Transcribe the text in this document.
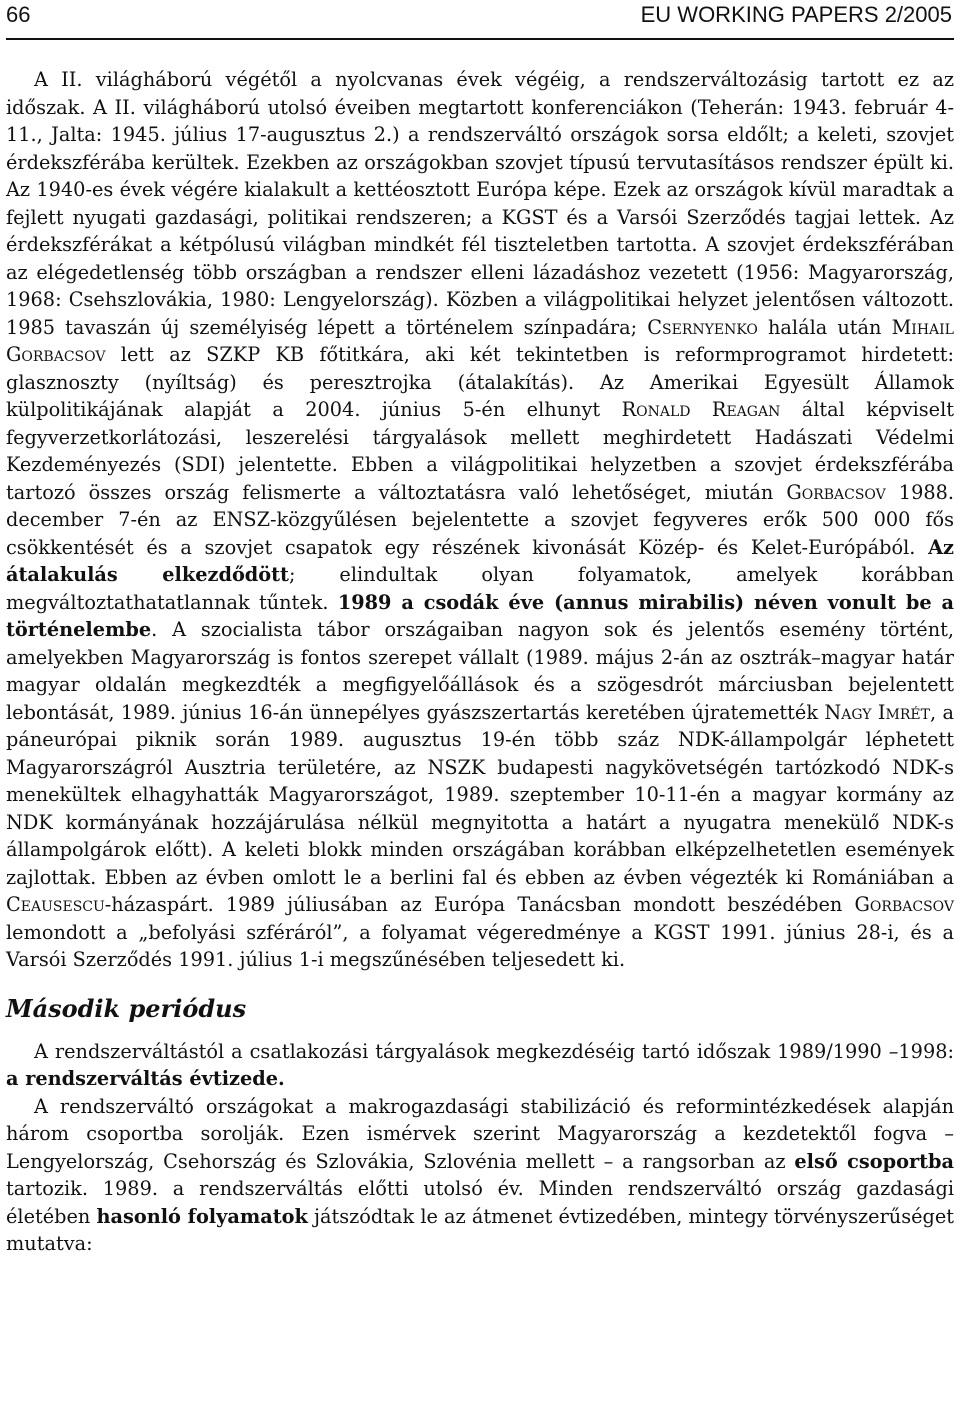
66	EU WORKING PAPERS 2/2005

A II. világháború végétől a nyolcvanas évek végéig, a rendszerváltozásig tartott ez az időszak. A II. világháború utolsó éveiben megtartott konferenciákon (Teherán: 1943. február 4-11., Jalta: 1945. július 17-augusztus 2.) a rendszerváltó országok sorsa eldőlt; a keleti, szovjet érdekszférába kerültek. Ezekben az országokban szovjet típusú tervutasításos rendszer épült ki. Az 1940-es évek végére kialakult a kettéosztott Európa képe. Ezek az országok kívül maradtak a fejlett nyugati gazdasági, politikai rendszeren; a KGST és a Varsói Szerződés tagjai lettek. Az érdekszférákat a kétpólusú világban mindkét fél tiszteletben tartotta. A szovjet érdekszférában az elégedetlenség több országban a rendszer elleni lázadáshoz vezetett (1956: Magyarország, 1968: Csehszlovákia, 1980: Lengyelország). Közben a világpolitikai helyzet jelentősen változott. 1985 tavaszán új személyiség lépett a történelem színpadára; Csernyenko halála után Mihail Gorbacsov lett az SZKP KB főtitkára, aki két tekintetben is reformprogramot hirdetett: glasznoszty (nyíltság) és peresztrojka (átalakítás). Az Amerikai Egyesült Államok külpolitikájának alapját a 2004. június 5-én elhunyt Ronald Reagan által képviselt fegyverzetkorlátozási, leszerelési tárgyalások mellett meghirdetett Hadászati Védelmi Kezdeményezés (SDI) jelentette. Ebben a világpolitikai helyzetben a szovjet érdekszférába tartozó összes ország felismerte a változtatásra való lehetőséget, miután Gorbacsov 1988. december 7-én az ENSZ-közgyűlésen bejelentette a szovjet fegyveres erők 500 000 fős csökkentését és a szovjet csapatok egy részének kivonását Közép- és Kelet-Európából. Az átalakulás elkezdődött; elindultak olyan folyamatok, amelyek korábban megváltoztathatatlannak tűntek. 1989 a csodák éve (annus mirabilis) néven vonult be a történelembe. A szocialista tábor országaiban nagyon sok és jelentős esemény történt, amelyekben Magyarország is fontos szerepet vállalt (1989. május 2-án az osztrák–magyar határ magyar oldalán megkezdték a megfigyelőállások és a szögesdrót márciusban bejelentett lebontását, 1989. június 16-án ünnepélyes gyászszertartás keretében újratemették Nagy Imrét, a páneurópai piknik során 1989. augusztus 19-én több száz NDK-állampolgár léphetett Magyarországról Ausztria területére, az NSZK budapesti nagykövetségén tartózkodó NDK-s menekültek elhagyhatták Magyarországot, 1989. szeptember 10-11-én a magyar kormány az NDK kormányának hozzájárulása nélkül megnyitotta a határt a nyugatra menekülő NDK-s állampolgárok előtt). A keleti blokk minden országában korábban elképzelhetetlen események zajlottak. Ebben az évben omlott le a berlini fal és ebben az évben végezték ki Romániában a Ceausescu-házaspárt. 1989 júliusában az Európa Tanácsban mondott beszédében Gorbacsov lemondott a „befolyási szféráról”, a folyamat végeredménye a KGST 1991. június 28-i, és a Varsói Szerződés 1991. július 1-i megszűnésében teljesedett ki.

Második periódus

A rendszerváltástól a csatlakozási tárgyalások megkezdéséig tartó időszak 1989/1990 –1998: a rendszerváltás évtizede.

A rendszerváltó országokat a makrogazdasági stabilizáció és reformintézkedések alapján három csoportba sorolják. Ezen ismérvek szerint Magyarország a kezdetektől fogva – Lengyelország, Csehország és Szlovákia, Szlovénia mellett – a rangsorban az első csoportba tartozik. 1989. a rendszerváltás előtti utolsó év. Minden rendszerváltó ország gazdasági életében hasonló folyamatok játszódtak le az átmenet évtizedében, mintegy törvényszerűséget mutatva:
